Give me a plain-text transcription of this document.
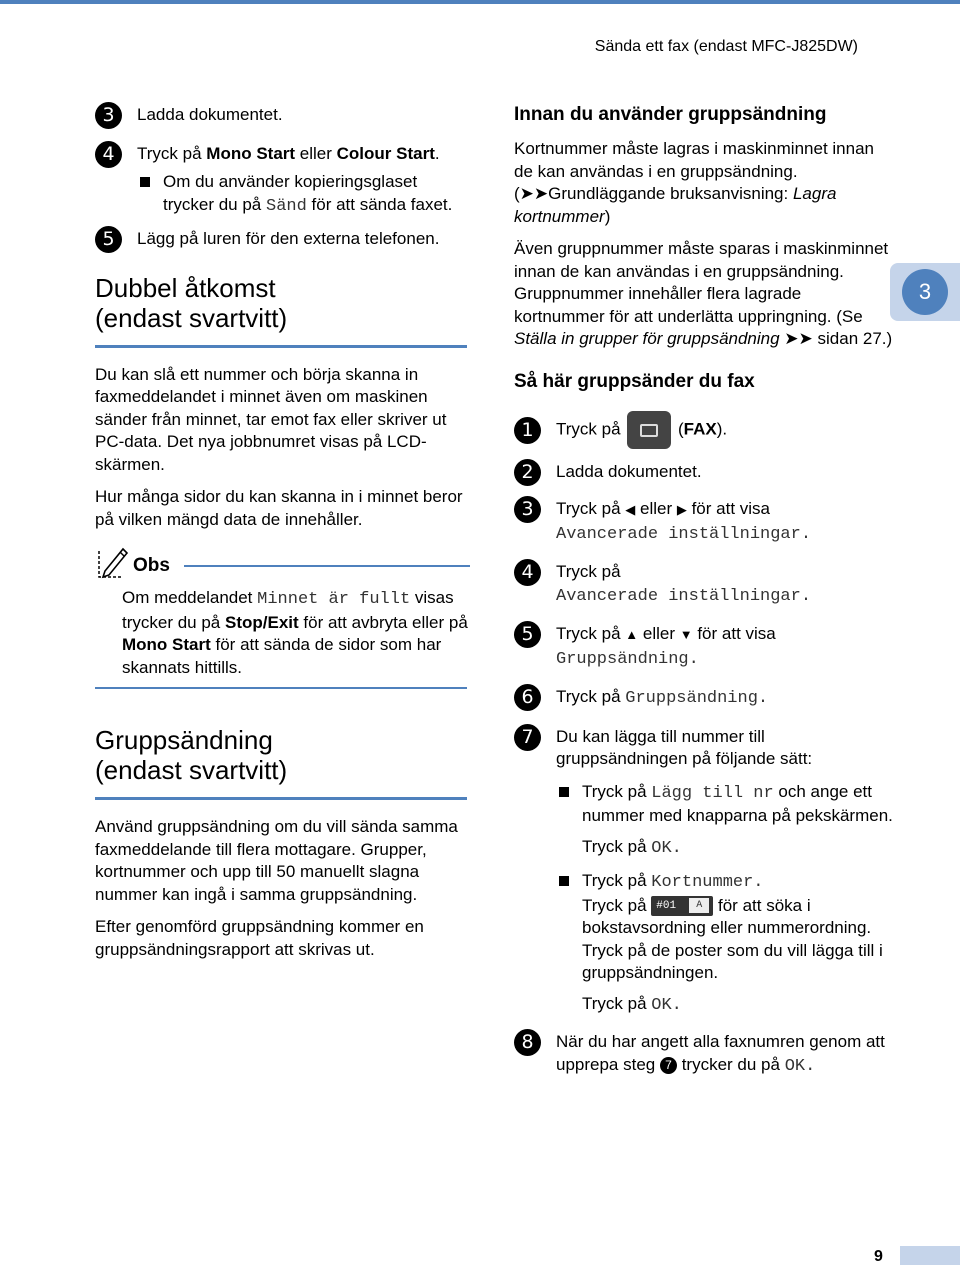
Sända ett fax (endast MFC-J825DW)
3
3	Ladda dokumentet.
4	Tryck på Mono Start eller Colour Start.
Om du använder kopieringsglaset trycker du på Sänd för att sända faxet.
5	Lägg på luren för den externa telefonen.
Dubbel åtkomst
(endast svartvitt)

Du kan slå ett nummer och börja skanna in faxmeddelandet i minnet även om maskinen sänder från minnet, tar emot fax eller skriver ut PC-data. Det nya jobbnumret visas på LCD-skärmen.

Hur många sidor du kan skanna in i minnet beror på vilken mängd data de innehåller.

Obs
Om meddelandet Minnet är fullt visas trycker du på Stop/Exit för att avbryta eller på Mono Start för att sända de sidor som har skannats hittills.
Gruppsändning
(endast svartvitt)

Använd gruppsändning om du vill sända samma faxmeddelande till flera mottagare. Grupper, kortnummer och upp till 50 manuellt slagna nummer kan ingå i samma gruppsändning.

Efter genomförd gruppsändning kommer en gruppsändningsrapport att skrivas ut.

Innan du använder gruppsändning

Kortnummer måste lagras i maskinminnet innan de kan användas i en gruppsändning. (➤➤Grundläggande bruksanvisning: Lagra kortnummer)

Även gruppnummer måste sparas i maskinminnet innan de kan användas i en gruppsändning. Gruppnummer innehåller flera lagrade kortnummer för att underlätta uppringning. (Se Ställa in grupper för gruppsändning ➤➤ sidan 27.)

Så här gruppsänder du fax
1	Tryck på	(FAX).
2	Ladda dokumentet.
3	Tryck på ◀ eller ▶ för att visa
Avancerade inställningar.
4	Tryck på
Avancerade inställningar.
5	Tryck på ▲ eller ▼ för att visa
Gruppsändning.
6	Tryck på Gruppsändning.
7	Du kan lägga till nummer till gruppsändningen på följande sätt:
Tryck på Lägg till nr och ange ett nummer med knapparna på pekskärmen.
Tryck på OK.
Tryck på Kortnummer.
Tryck på #01	A för att söka i bokstavsordning eller nummerordning. Tryck på de poster som du vill lägga till i gruppsändningen.
Tryck på OK.
8	När du har angett alla faxnumren genom att upprepa steg 7 trycker du på OK.
9
